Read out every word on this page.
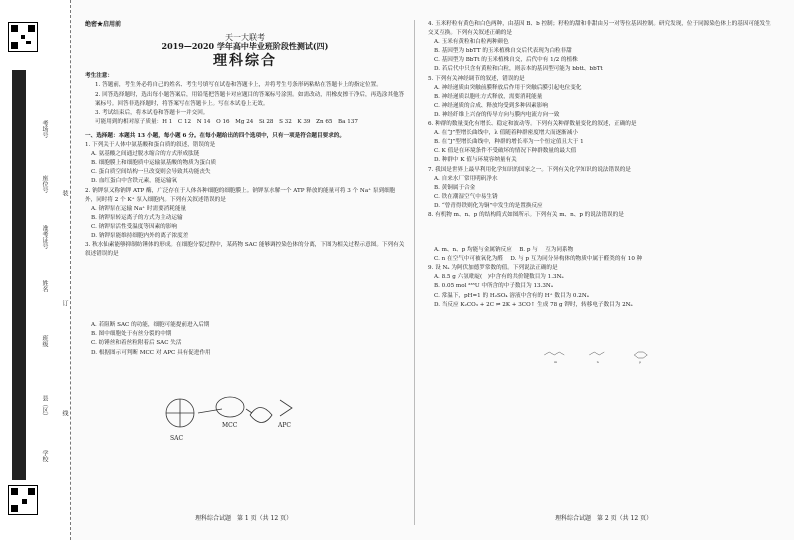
考场号
座位号
准考证号
姓名
班级
县（区）
学校
装
订
线
绝密★启用前
天一大联考
2019—2020 学年高中毕业班阶段性测试(四)
理科综合
考生注意：

1. 答题前，考生务必将自己的姓名、考生号填写在试卷和答题卡上，并将考生号条形码粘贴在答题卡上的指定位置。

2. 回答选择题时，选出每小题答案后，用铅笔把答题卡对应题目的答案标号涂黑。如需改动，用橡皮擦干净后，再选涂其他答案标号。回答非选择题时，将答案写在答题卡上。写在本试卷上无效。

3. 考试结束后，将本试卷和答题卡一并交回。

可能用到的相对原子质量：H 1　C 12　N 14　O 16　Mg 24　Si 28　S 32　K 39　Zn 65　Ba 137

一、选择题：本题共 13 小题，每小题 6 分。在每小题给出的四个选项中，只有一项是符合题目要求的。

1. 下列关于人体中氨基酸和蛋白质的叙述，错误的是

A. 氨基酸之间通过脱水缩合的方式形成肽链

B. 细胞膜上和细胞质中运输氨基酸的物质为蛋白质

C. 蛋白质空间结构一旦改变则会导致其功能丧失

D. 血红蛋白中含铁元素，能运输氧

2. 钠钾泵又称钠钾 ATP 酶，广泛存在于人体各种细胞的细胞膜上。钠钾泵水解一个 ATP 释放的能量可将 3 个 Na⁺ 泵到细胞外，同时将 2 个 K⁺ 泵入细胞内。下列有关叙述错误的是

A. 钠钾泵在运输 Na⁺ 时需要消耗能量

B. 钠钾泵转运离子的方式为主动运输

C. 钠钾泵活性受温度等因素的影响

D. 钠钾泵能维持细胞内外的离子浓度差

3. 秋水仙素能够抑制纺锤体的形成。在细胞分裂过程中，某药物 SAC 能够调控染色体的分离，下图为相关过程示意图。下列有关叙述错误的是

A. 若阻断 SAC 的功能，细胞可能提前进入后期

B. 图中细胞处于有丝分裂的中期

C. 纺锤丝和着丝粒附着后 SAC 失活

D. 根据图示可判断 MCC 对 APC 具有促进作用

SAC
MCC	APC

4. 玉米籽粒有黄色和白色两种，由基因 B、b 控制；籽粒的甜和非甜由另一对等位基因控制。研究发现，位于同源染色体上的基因可能发生交叉互换。下列有关叙述正确的是

A. 玉米有黄粒和白粒两种颜色

B. 基因型为 bbTT 的玉米植株自交后代表现为白粒非甜

C. 基因型为 BbTt 的玉米植株自交，后代中有 1/2 的植株

D. 若后代中只含有黄粒和白粒，则亲本的基因型可能为 bbtt、bbTt

5. 下列有关神经调节的叙述，错误的是

A. 神经递质由突触前膜释放后作用于突触后膜引起电位变化

B. 神经递质以胞吐方式释放，需要消耗能量

C. 神经递质的合成、释放均受到多种因素影响

D. 神经纤维上兴奋的传导方向与膜内电流方向一致

6. 种群的数量变化有增长、稳定和波动等。下列有关种群数量变化的叙述，正确的是

A. 在“J”型增长曲线中，λ 值随着种群密度增大而逐渐减小

B. 在“J”型增长曲线中，种群的增长率为一个恒定值且大于 1

C. K 值是在环境条件不受破坏的情况下种群数量的最大值

D. 种群中 K 值与环境容纳量有关

7. 我国是世界上最早利用化学知识的国家之一。下列有关化学知识的说法错误的是

A. 自来水厂常用明矾净水

B. 黄铜属于合金

C. 铁在潮湿空气中易生锈

D. “曾青得铁则化为铜”中发生的是置换反应

8. 有机物 m、n、p 的结构简式如图所示。下列有关 m、n、p 的说法错误的是

A. m、n、p 均能与金属钠反应　 B. p 与　 互为同系物

C. n 在空气中可被氧化为醛　 D. 与 p 互为同分异构体的物质中属于醛类的有 10 种

9. 设 Nₐ 为阿伏加德罗常数的值。下列说法正确的是

A. 8.5 g 六氢吡啶(　)中含有的共价键数目为 1.3Nₐ

B. 0.05 mol ²³⁵U 中所含的中子数目为 13.3Nₐ

C. 常温下，pH=1 的 H₂SO₄ 溶液中含有的 H⁺ 数目为 0.2Nₐ

D. 当反应 K₂CO₃ + 2C ⇌ 2K + 3CO↑ 生成 78 g 钾时，转移电子数目为 2Nₐ

m	n	p
理科综合试题　第 1 页（共 12 页）	理科综合试题　第 2 页（共 12 页）
